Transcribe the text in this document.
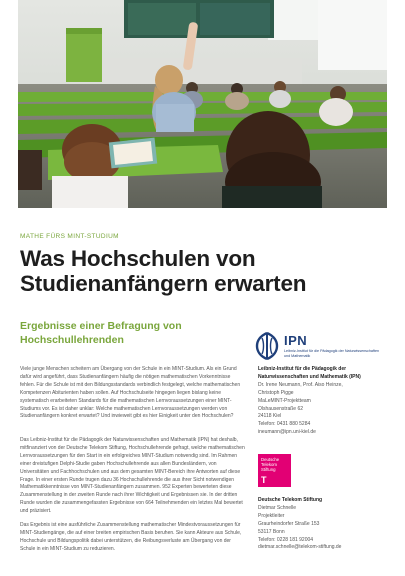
MATHE FÜRS MINT-STUDIUM
Was Hochschulen von Studienanfängern erwarten
Ergebnisse einer Befragung von Hochschullehrenden

Viele junge Menschen scheitern am Übergang von der Schule in ein MINT-Studium. Als ein Grund dafür wird angeführt, dass Studienanfängern häufig die nötigen mathematischen Vorkenntnisse fehlen. Für die Schule ist mit den Bildungsstandards verbindlich festgelegt, welche mathematischen Kompetenzen Abiturienten haben sollen. Auf Hochschulseite hingegen liegen bislang keine systematisch erarbeiteten Standards für die mathematischen Lernvoraussetzungen einer MINT-Studiums vor. Es ist daher unklar: Welche mathematischen Lernvoraussetzungen werden von Studienanfängern konkret erwartet? Und inwieweit gibt es hier Einigkeit unter den Hochschulen?

Das Leibniz-Institut für die Pädagogik der Naturwissenschaften und Mathematik (IPN) hat deshalb, mitfinanziert von der Deutsche Telekom Stiftung, Hochschullehrende gefragt, welche mathematischen Lernvoraussetzungen für den Start in ein erfolgreiches MINT-Studium notwendig sind. Im Rahmen einer dreistufigen Delphi-Studie gaben Hochschullehrende aus allen Bundesländern, von Universitäten und Fachhochschulen und aus dem gesamten MINT-Bereich ihre Antworten auf diese Frage. In einer ersten Runde trugen dazu 36 Hochschullehrende die aus ihrer Sicht notwendigen Mathematikkenntnisse von MINT-Studienanfängern zusammen. 952 Experten bewerteten diese Zusammenstellung in der zweiten Runde nach ihrer Wichtigkeit und Ergebnissen sie. In der dritten Runde wurden die zusammengefassten Ergebnisse von 664 Teilnehmenden ein letztes Mal bewertet und präzisiert.

Das Ergebnis ist eine ausführliche Zusammenstellung mathematischer Mindestvoraussetzungen für MINT-Studiengänge, die auf einer breiten empirischen Basis beruhen. Sie kann Akteure aus Schule, Hochschule und Bildungspolitik dabei unterstützen, die Reibungsverluste am Übergang von der Schule in ein MINT-Studium zu reduzieren.

IPN
Leibniz-Institut für die Pädagogik der Naturwissenschaften und Mathematik
Leibniz-Institut für die Pädagogik der
Naturwissenschaften und Mathematik (IPN)
Dr. Irene Neumann, Prof. Aiso Heinze,
Christoph Pigge
MaLeMINT-Projektteam
Olshausenstraße 62
24118 Kiel
Telefon: 0431 880 5284
ineumann@ipn.uni-kiel.de
Deutsche
Telekom
Stiftung
T
Deutsche Telekom Stiftung
Dietmar Schnelle
Projektleiter
Graurheindorfer Straße 153
53117 Bonn
Telefon: 0228 181 92004
dietmar.schnelle@telekom-stiftung.de
